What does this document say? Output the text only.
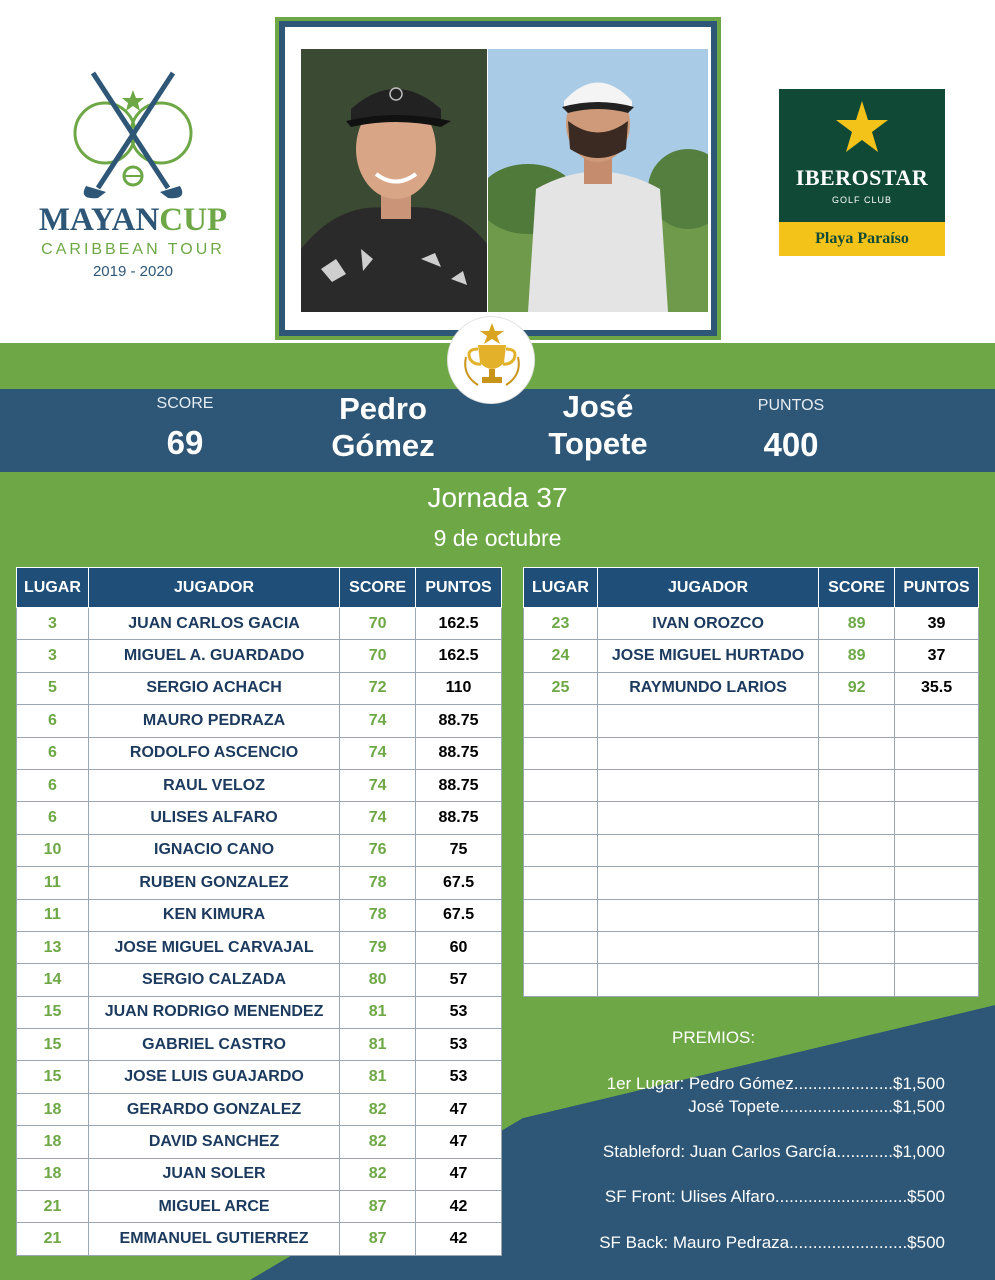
MAYANCUP
CARIBBEAN TOUR
2019 - 2020
IBEROSTAR
GOLF CLUB
Playa Paraíso
SCORE
69
Pedro
Gómez
José
Topete
PUNTOS
400
Jornada 37
9 de octubre
LUGAR	JUGADOR	SCORE	PUNTOS
3	JUAN CARLOS GACIA	70	162.5
3	MIGUEL A. GUARDADO	70	162.5
5	SERGIO ACHACH	72	110
6	MAURO PEDRAZA	74	88.75
6	RODOLFO ASCENCIO	74	88.75
6	RAUL VELOZ	74	88.75
6	ULISES ALFARO	74	88.75
10	IGNACIO CANO	76	75
11	RUBEN GONZALEZ	78	67.5
11	KEN KIMURA	78	67.5
13	JOSE MIGUEL CARVAJAL	79	60
14	SERGIO CALZADA	80	57
15	JUAN RODRIGO MENENDEZ	81	53
15	GABRIEL CASTRO	81	53
15	JOSE LUIS GUAJARDO	81	53
18	GERARDO GONZALEZ	82	47
18	DAVID SANCHEZ	82	47
18	JUAN SOLER	82	47
21	MIGUEL ARCE	87	42
21	EMMANUEL GUTIERREZ	87	42
LUGAR	JUGADOR	SCORE	PUNTOS
23	IVAN OROZCO	89	39
24	JOSE MIGUEL HURTADO	89	37
25	RAYMUNDO LARIOS	92	35.5

PREMIOS:
1er Lugar: Pedro Gómez.....................$1,500
José Topete........................$1,500
Stableford: Juan Carlos García............$1,000
SF Front: Ulises Alfaro............................$500
SF Back: Mauro Pedraza.........................$500
